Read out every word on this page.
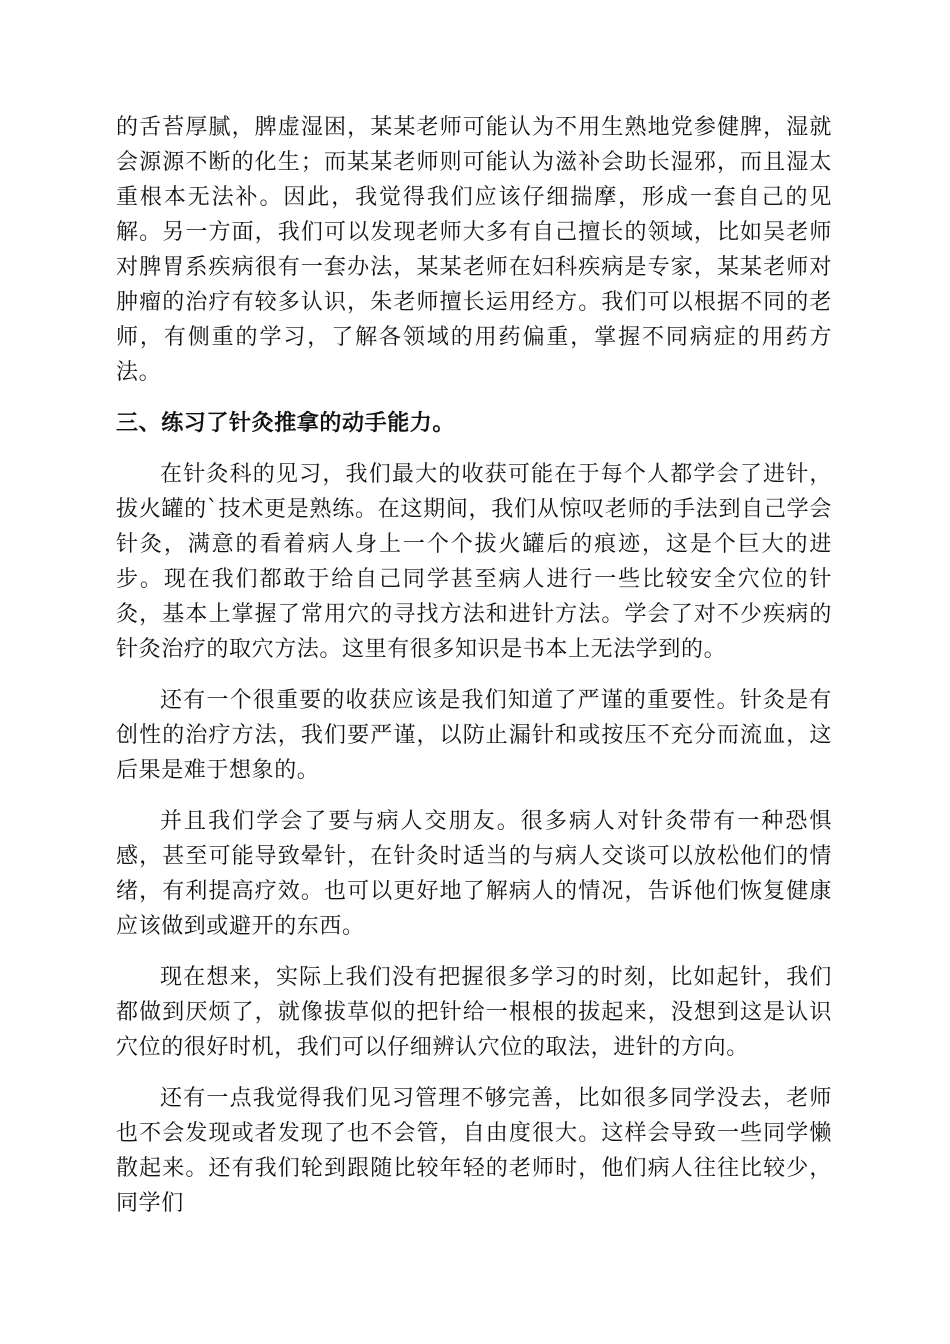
的舌苔厚腻，脾虚湿困，某某老师可能认为不用生熟地党参健脾，湿就会源源不断的化生；而某某老师则可能认为滋补会助长湿邪，而且湿太重根本无法补。因此，我觉得我们应该仔细揣摩，形成一套自己的见解。另一方面，我们可以发现老师大多有自己擅长的领域，比如吴老师对脾胃系疾病很有一套办法，某某老师在妇科疾病是专家，某某老师对肿瘤的治疗有较多认识，朱老师擅长运用经方。我们可以根据不同的老师，有侧重的学习，了解各领域的用药偏重，掌握不同病症的用药方法。

三、练习了针灸推拿的动手能力。

在针灸科的见习，我们最大的收获可能在于每个人都学会了进针，拔火罐的`技术更是熟练。在这期间，我们从惊叹老师的手法到自己学会针灸，满意的看着病人身上一个个拔火罐后的痕迹，这是个巨大的进步。现在我们都敢于给自己同学甚至病人进行一些比较安全穴位的针灸，基本上掌握了常用穴的寻找方法和进针方法。学会了对不少疾病的针灸治疗的取穴方法。这里有很多知识是书本上无法学到的。

还有一个很重要的收获应该是我们知道了严谨的重要性。针灸是有创性的治疗方法，我们要严谨，以防止漏针和或按压不充分而流血，这后果是难于想象的。

并且我们学会了要与病人交朋友。很多病人对针灸带有一种恐惧感，甚至可能导致晕针，在针灸时适当的与病人交谈可以放松他们的情绪，有利提高疗效。也可以更好地了解病人的情况，告诉他们恢复健康应该做到或避开的东西。

现在想来，实际上我们没有把握很多学习的时刻，比如起针，我们都做到厌烦了，就像拔草似的把针给一根根的拔起来，没想到这是认识穴位的很好时机，我们可以仔细辨认穴位的取法，进针的方向。

还有一点我觉得我们见习管理不够完善，比如很多同学没去，老师也不会发现或者发现了也不会管，自由度很大。这样会导致一些同学懒散起来。还有我们轮到跟随比较年轻的老师时，他们病人往往比较少，同学们
